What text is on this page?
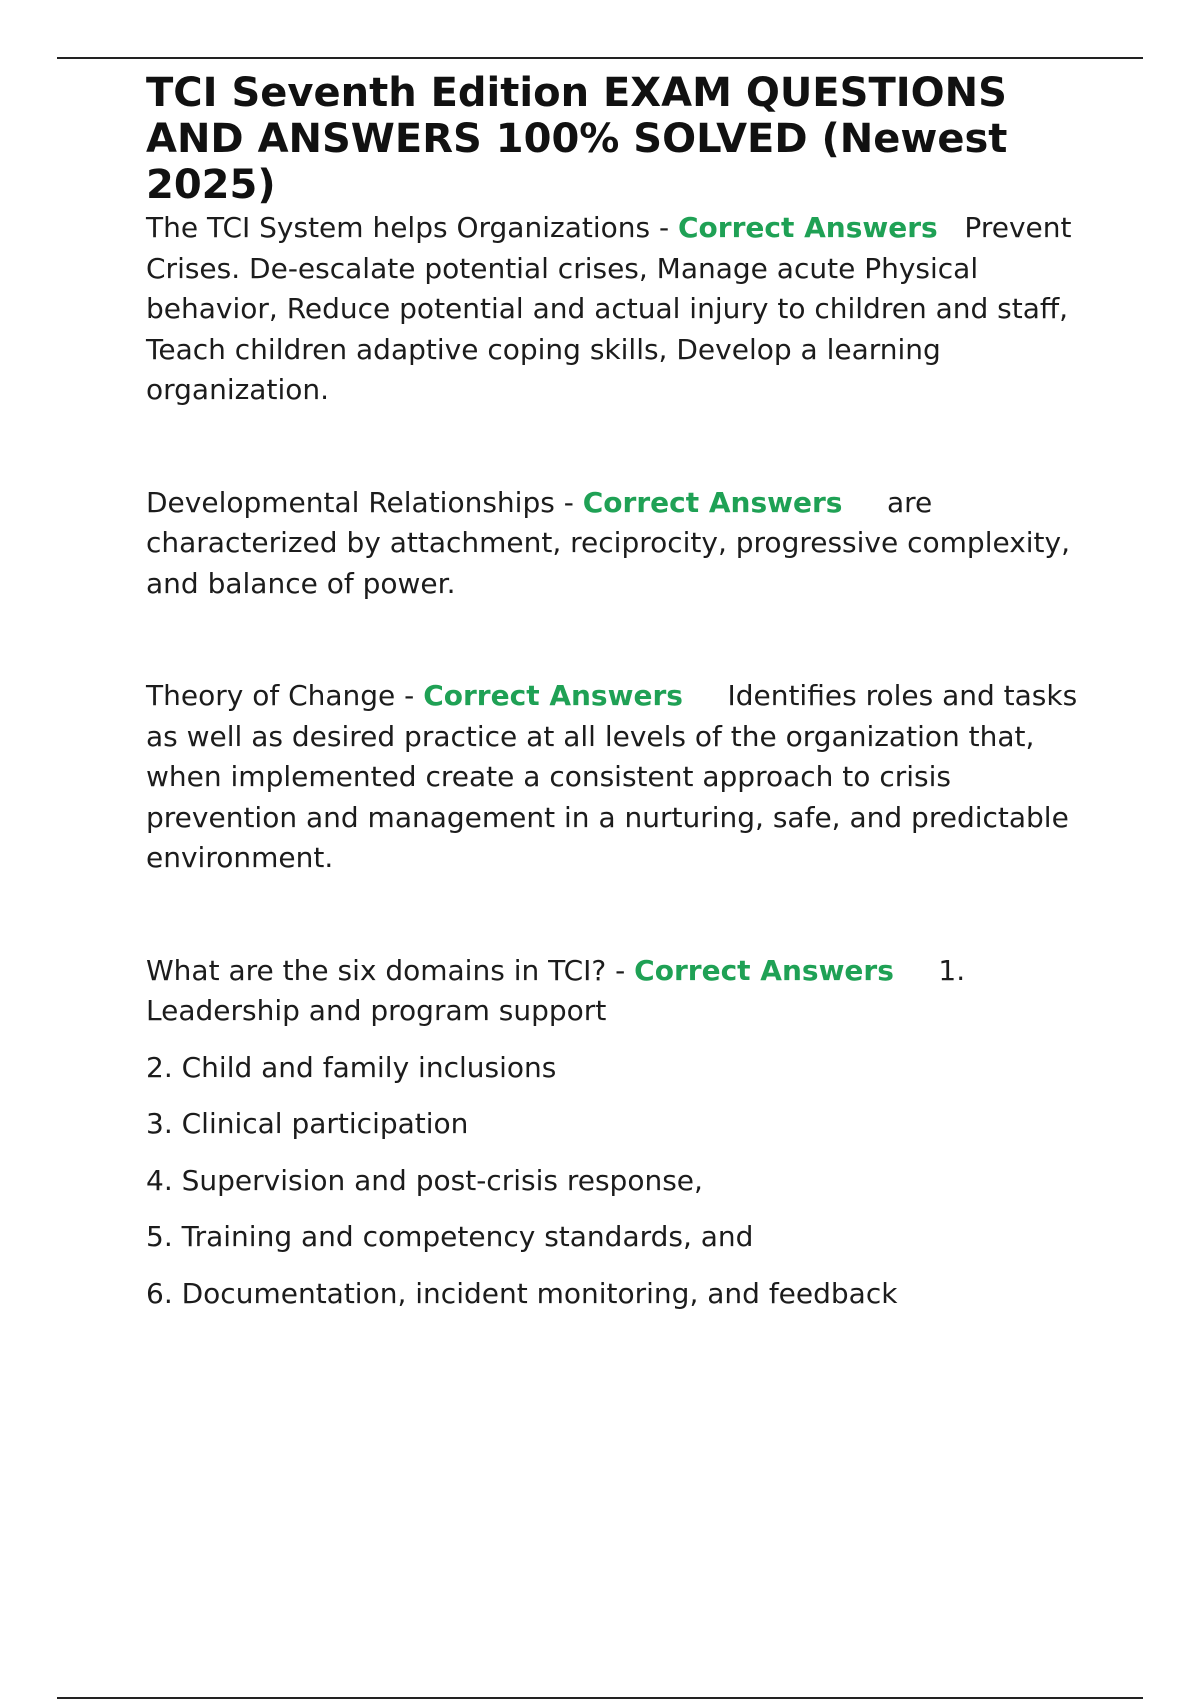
TCI Seventh Edition EXAM QUESTIONS AND ANSWERS 100% SOLVED (Newest 2025)

The TCI System helps Organizations - Correct Answers Prevent Crises. De-escalate potential crises, Manage acute Physical behavior, Reduce potential and actual injury to children and staff, Teach children adaptive coping skills, Develop a learning organization.

Developmental Relationships - Correct Answers are characterized by attachment, reciprocity, progressive complexity, and balance of power.

Theory of Change - Correct Answers Identifies roles and tasks as well as desired practice at all levels of the organization that, when implemented create a consistent approach to crisis prevention and management in a nurturing, safe, and predictable environment.

What are the six domains in TCI? - Correct Answers 1. Leadership and program support

2. Child and family inclusions

3. Clinical participation

4. Supervision and post-crisis response,

5. Training and competency standards, and

6. Documentation, incident monitoring, and feedback
